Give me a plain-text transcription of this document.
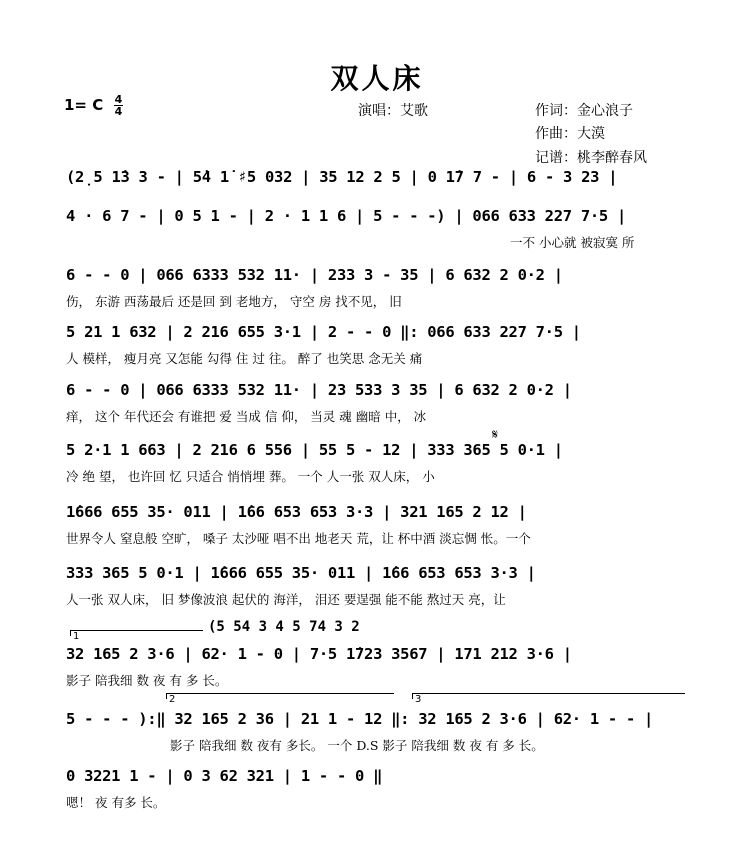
双人床
1= C 4
4	演唱：艾歌	作词：金心浪子
作曲：大漠
记谱：桃李醉春风
(2̣5 1̇3 3 - | 5̇4 1̇ ♯5 032 | 35 12 2 5 | 0 1̇7 7 - | 6 - 3 23 |
4 · 6 7 - | 0 5 1 - | 2 · 1 1 6 | 5 - - -) | 066 633 227 7·5 |
一不 小心就 被寂寞 所
6 - - 0 | 066 6333 532 11· | 233 3 - 35 | 6 632 2 0·2 |
伤， 东游 西荡最后 还是回 到 老地方， 守空 房 找不见， 旧
5 21 1 632 | 2 216 655 3·1 | 2 - - 0 ‖: 066 633 227 7·5 |
人 模样， 瘦月亮 又怎能 勾得 住 过 往。 醉了 也笑思 念无关 痛
6 - - 0 | 066 6333 532 11· | 23 533 3 35 | 6 632 2 0·2 |
痒， 这个 年代还会 有谁把 爱 当成 信 仰， 当灵 魂 幽暗 中， 冰
5 2·1 1 663 | 2 216 6 556 | 55 5 - 12 | 333 365 5 0·1 |
冷 绝 望， 也许回 忆 只适合 悄悄埋 葬。 一个 人一张 双人床， 小
𝄋
1̇666 655 35· 011 | 1̇66 653 653 3·3 | 321 165 2 12 |
世界令人 窒息般 空旷， 嗓子 太沙哑 唱不出 地老天 荒，让 杯中酒 淡忘惆 怅。一个
333 365 5 0·1 | 1̇666 655 35· 011 | 1̇66 653 653 3·3 |
人一张 双人床， 旧 梦像波浪 起伏的 海洋， 泪还 要逞强 能不能 熬过天 亮，让
1
(5 54 3 4 5 74 3 2
32 165 2 3·6 | 62· 1 - 0 | 7·5 1̇723 3567 | 171 212 3·6 |
影子 陪我细 数 夜 有 多 长。
2	3
5 - - - ):‖ 32 165 2 36 | 21 1 - 12 ‖: 32 165 2 3·6 | 62· 1 - - |
影子 陪我细 数 夜有 多长。 一个 D.S 影子 陪我细 数 夜 有 多 长。
0 3221 1 - | 0 3 62 321 | 1 - - 0 ‖
嗯！ 夜 有多 长。
